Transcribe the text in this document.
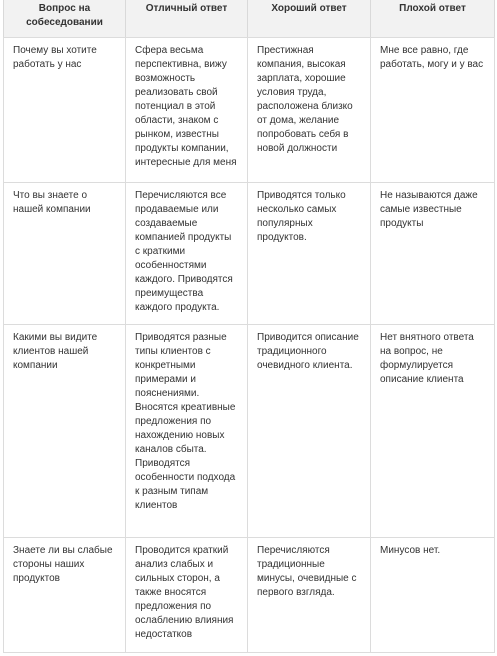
Вопрос на собеседовании	Отличный ответ	Хороший ответ	Плохой ответ

Почему вы хотите работать у нас	Сфера весьма перспективна, вижу возможность реализовать свой потенциал в этой области, знаком с рынком, известны продукты компании, интересные для меня	Престижная компания, высокая зарплата, хорошие условия труда, расположена близко от дома, желание попробовать себя в новой должности	Мне все равно, где работать, могу и у вас

Что вы знаете о нашей компании	Перечисляются все продаваемые или создаваемые компанией продукты с краткими особенностями каждого. Приводятся преимущества каждого продукта.	Приводятся только несколько самых популярных продуктов.	Не называются даже самые известные продукты

Какими вы видите клиентов нашей компании	Приводятся разные типы клиентов с конкретными примерами и пояснениями. Вносятся креативные предложения по нахождению новых каналов сбыта. Приводятся особенности подхода к разным типам клиентов	Приводится описание традиционного очевидного клиента.	Нет внятного ответа на вопрос, не формулируется описание клиента

Знаете ли вы слабые стороны наших продуктов	Проводится краткий анализ слабых и сильных сторон, а также вносятся предложения по ослаблению влияния недостатков	Перечисляются традиционные минусы, очевидные с первого взгляда.	Минусов нет.
